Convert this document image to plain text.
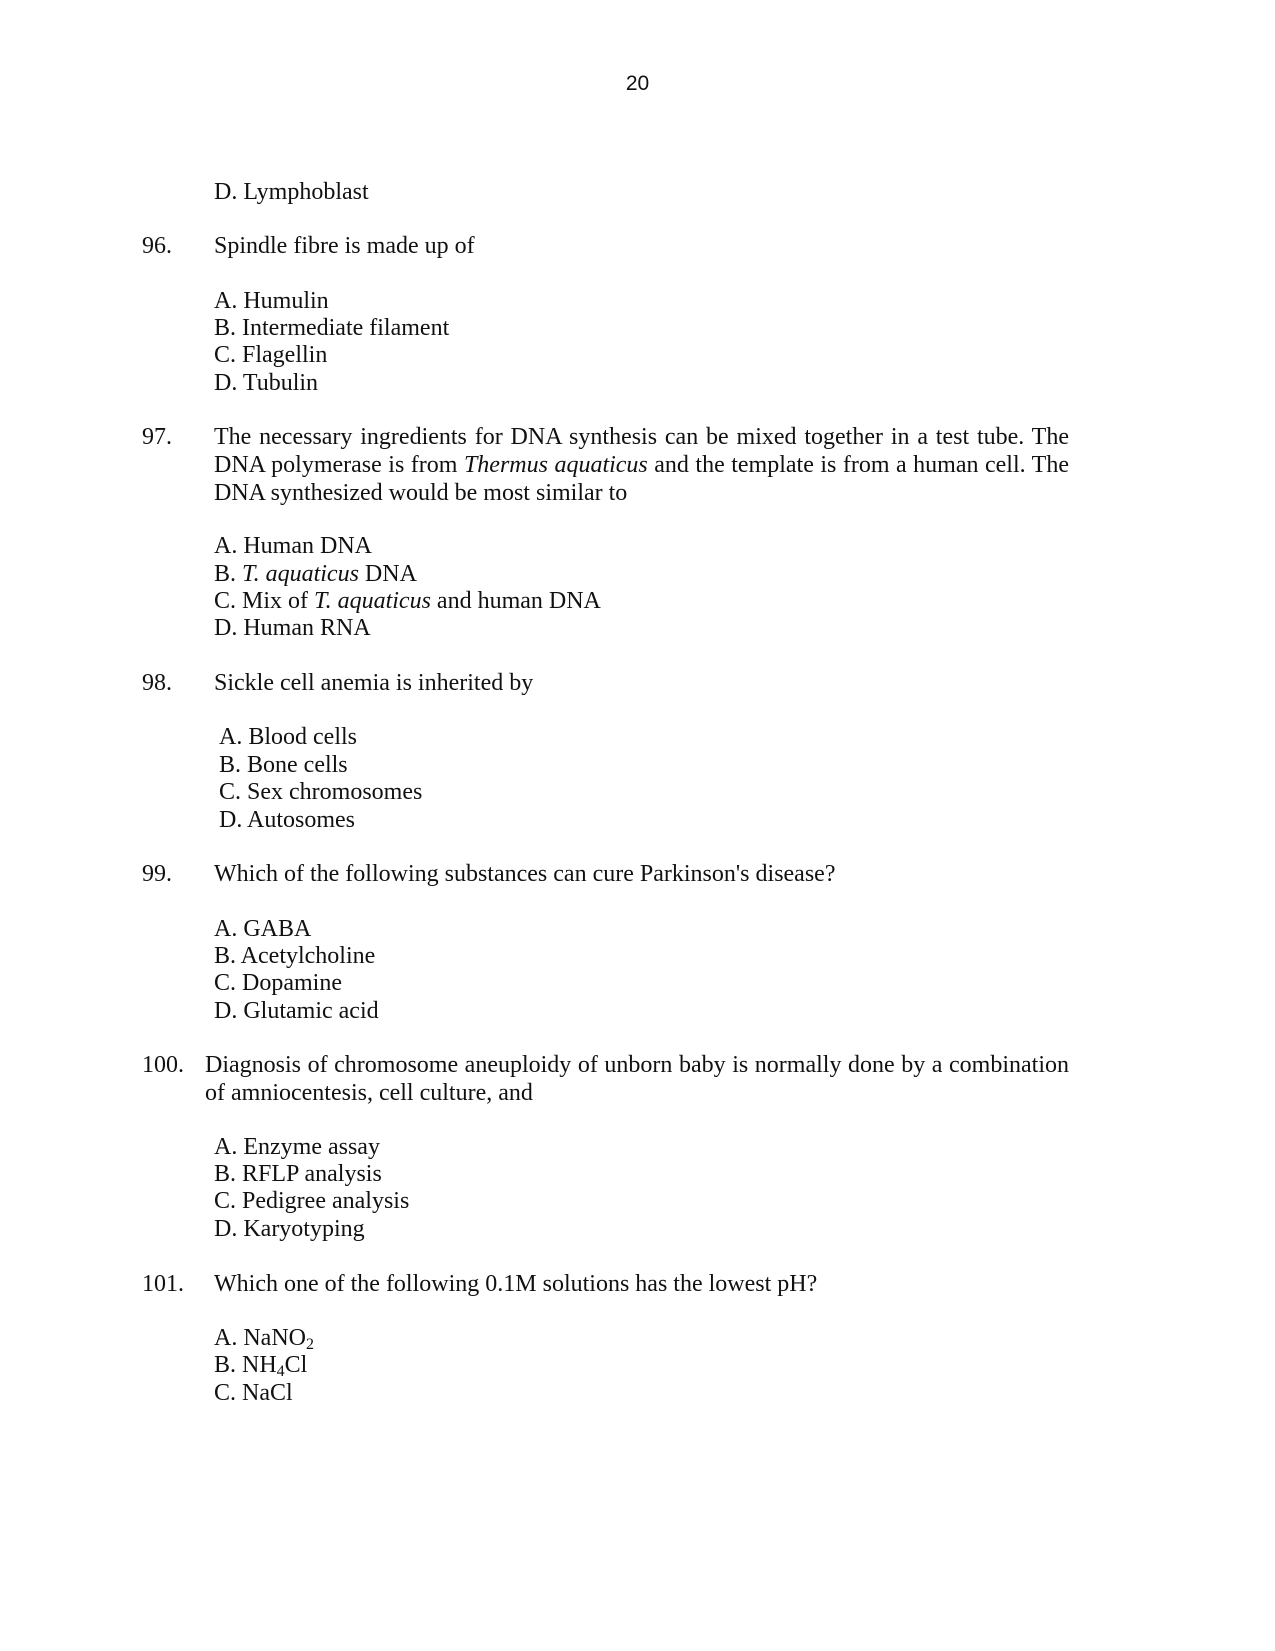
20
D. Lymphoblast
96. Spindle fibre is made up of
A. Humulin
B. Intermediate filament
C. Flagellin
D. Tubulin
97. The necessary ingredients for DNA synthesis can be mixed together in a test tube. The
DNA polymerase is from Thermus aquaticus and the template is from a human cell. The
DNA synthesized would be most similar to
A. Human DNA
B. T. aquaticus DNA
C. Mix of T. aquaticus and human DNA
D. Human RNA
98. Sickle cell anemia is inherited by
A. Blood cells
B. Bone cells
C. Sex chromosomes
D. Autosomes
99. Which of the following substances can cure Parkinson's disease?
A. GABA
B. Acetylcholine
C. Dopamine
D. Glutamic acid
100. Diagnosis of chromosome aneuploidy of unborn baby is normally done by a combination
of amniocentesis, cell culture, and
A. Enzyme assay
B. RFLP analysis
C. Pedigree analysis
D. Karyotyping
101. Which one of the following 0.1M solutions has the lowest pH?
A. NaNO$_2$
B. $NH_4Cl$
C. NaCl
